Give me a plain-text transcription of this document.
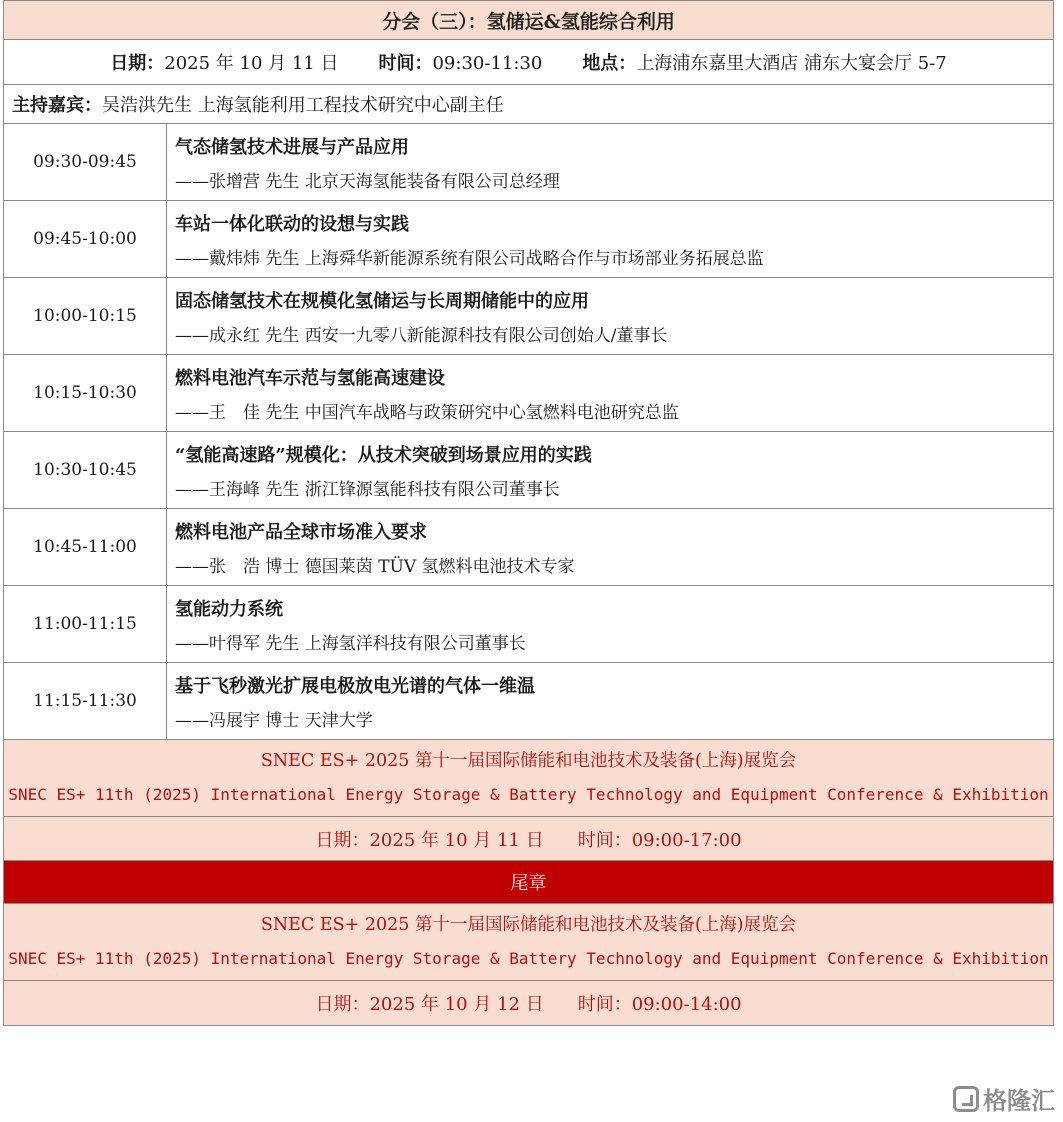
分会（三）：氢储运&氢能综合利用
日期：2025 年 10 月 11 日 时间：09:30-11:30 地点：上海浦东嘉里大酒店 浦东大宴会厅 5-7
主持嘉宾： 吴浩洪先生 上海氢能利用工程技术研究中心副主任
09:30-09:45
气态储氢技术进展与产品应用
——张增营 先生 北京天海氢能装备有限公司总经理
09:45-10:00
车站一体化联动的设想与实践
——戴炜炜 先生 上海舜华新能源系统有限公司战略合作与市场部业务拓展总监
10:00-10:15
固态储氢技术在规模化氢储运与长周期储能中的应用
——成永红 先生 西安一九零八新能源科技有限公司创始人/董事长
10:15-10:30
燃料电池汽车示范与氢能高速建设
——王　佳 先生 中国汽车战略与政策研究中心氢燃料电池研究总监
10:30-10:45
“氢能高速路”规模化：从技术突破到场景应用的实践
——王海峰 先生 浙江锋源氢能科技有限公司董事长
10:45-11:00
燃料电池产品全球市场准入要求
——张　浩 博士 德国莱茵 TÜV 氢燃料电池技术专家
11:00-11:15
氢能动力系统
——叶得军 先生 上海氢洋科技有限公司董事长
11:15-11:30
基于飞秒激光扩展电极放电光谱的气体一维温
——冯展宇 博士 天津大学
SNEC ES+ 2025 第十一届国际储能和电池技术及装备(上海)展览会
SNEC ES+ 11th (2025) International Energy Storage & Battery Technology and Equipment Conference & Exhibition
日期：2025 年 10 月 11 日 时间：09:00-17:00
尾章
SNEC ES+ 2025 第十一届国际储能和电池技术及装备(上海)展览会
SNEC ES+ 11th (2025) International Energy Storage & Battery Technology and Equipment Conference & Exhibition
日期：2025 年 10 月 12 日 时间：09:00-14:00
格隆汇
